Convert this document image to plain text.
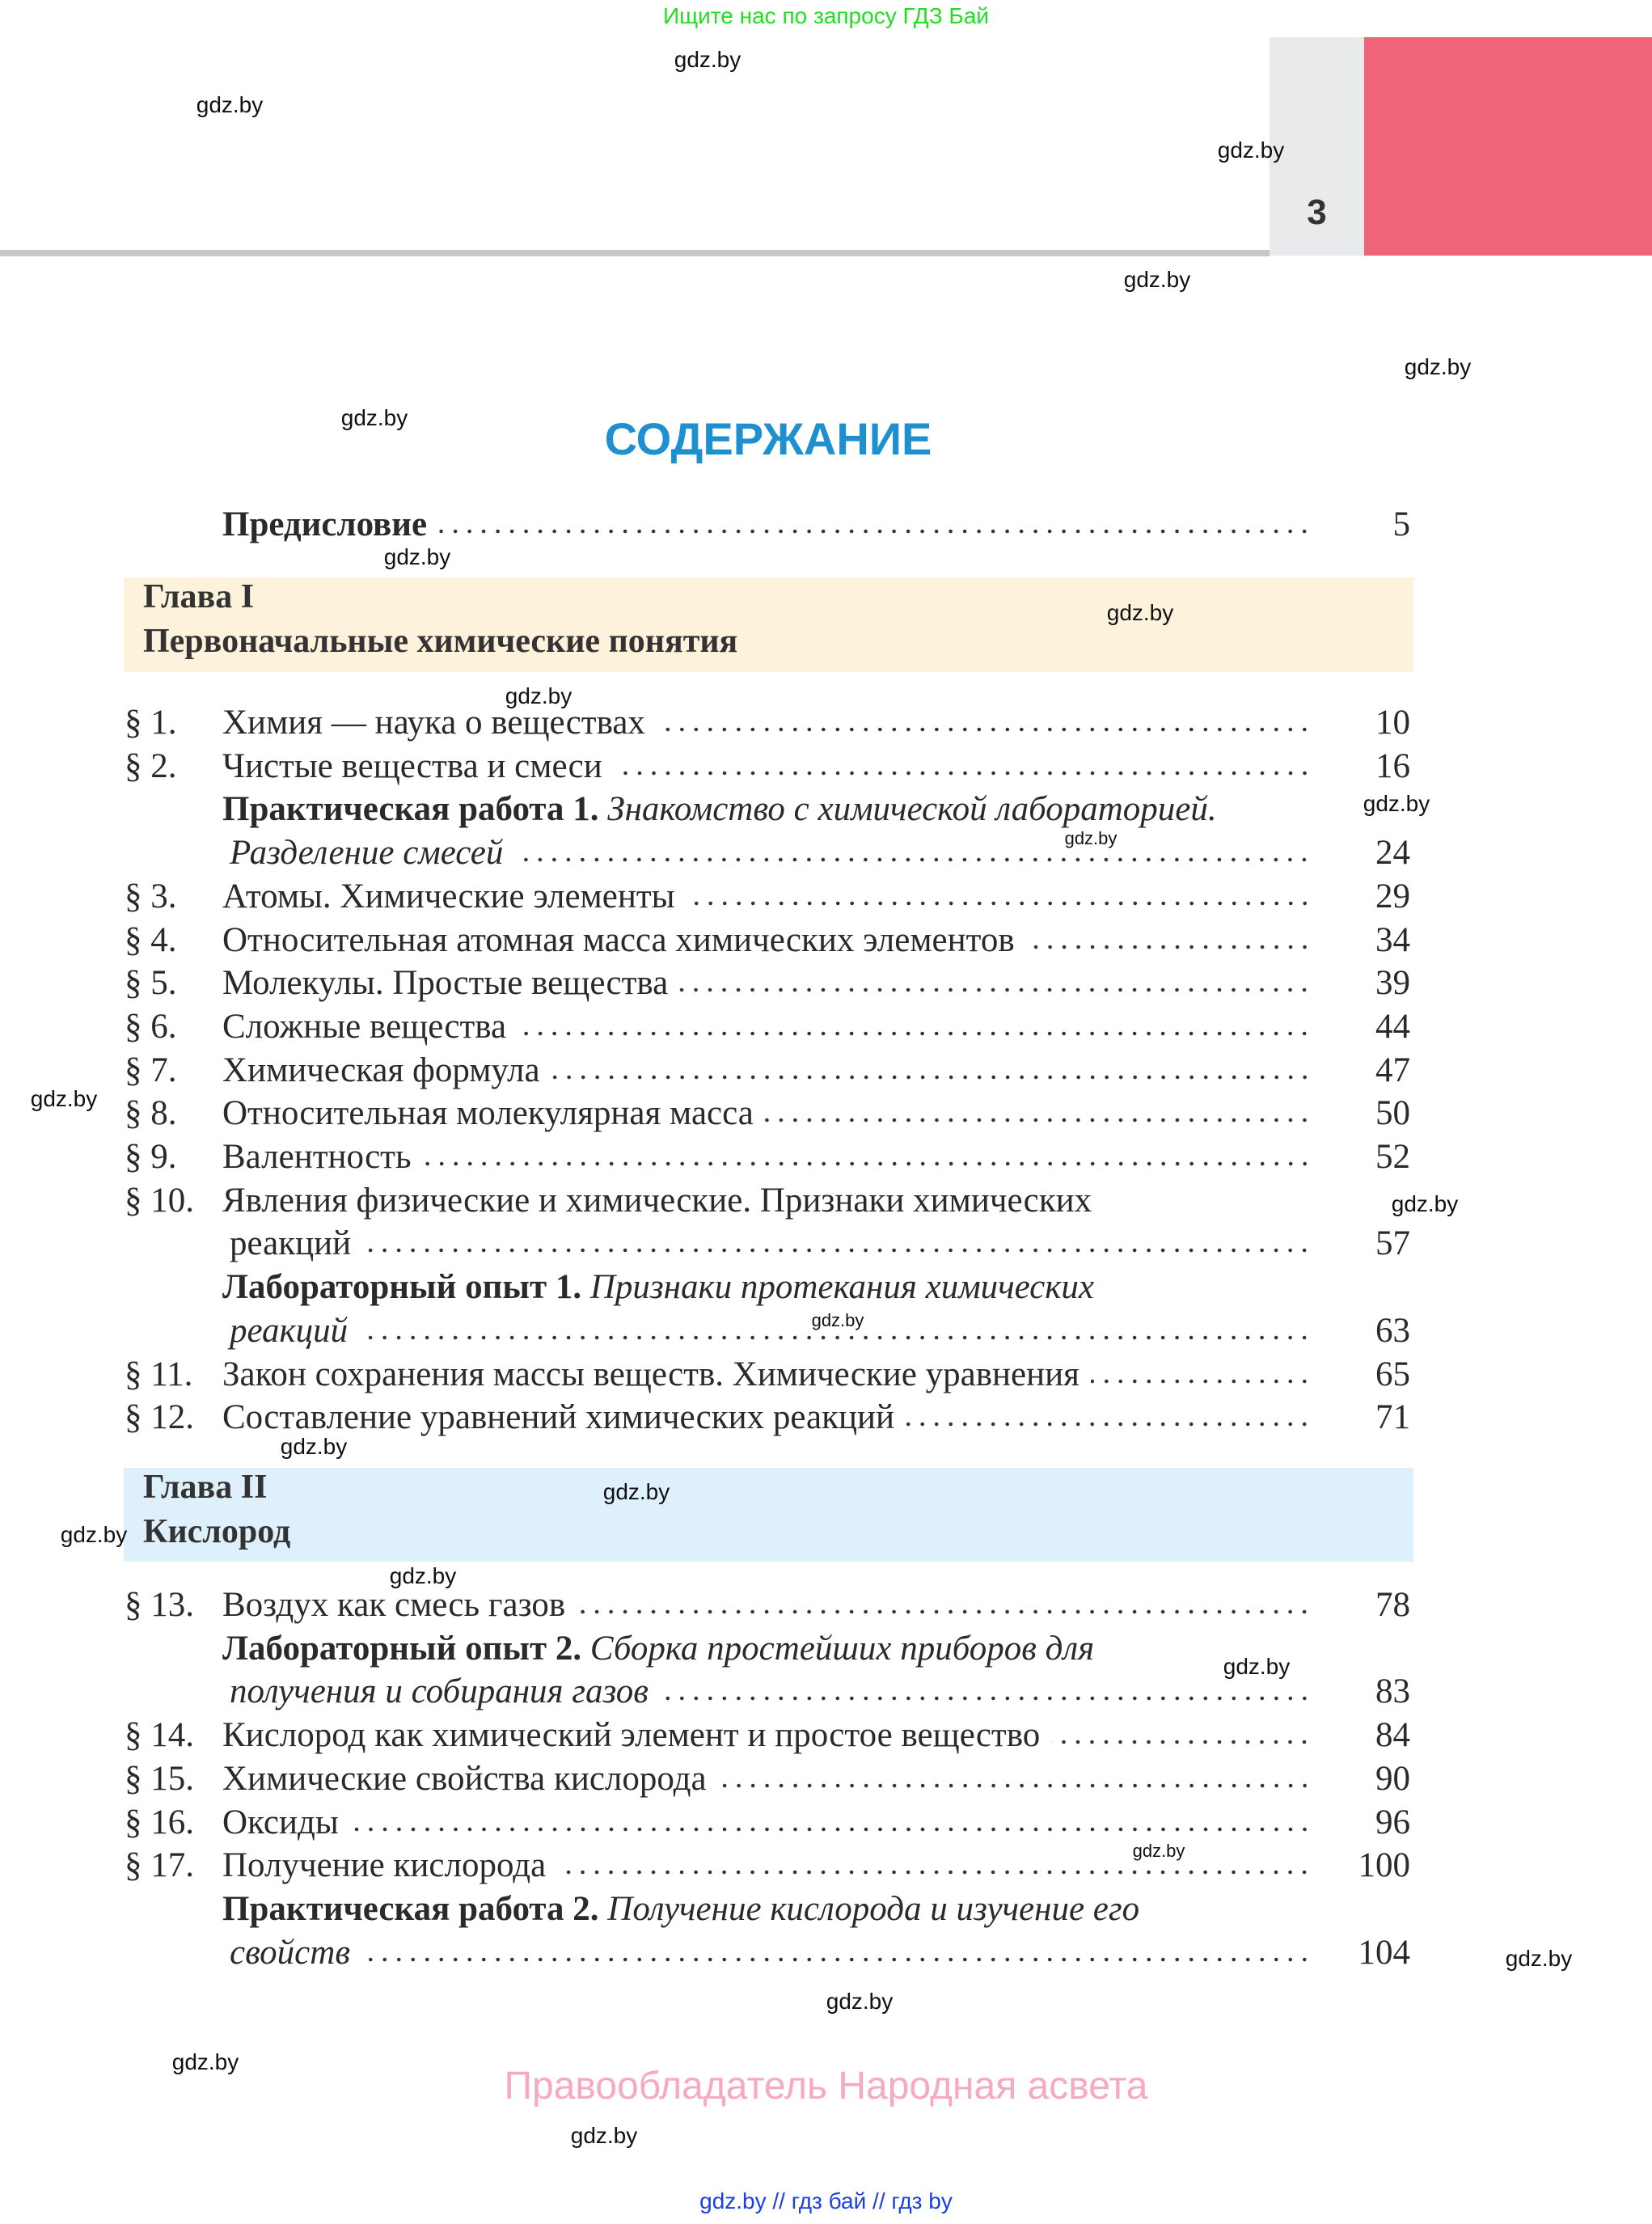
Ищите нас по запросу ГДЗ Бай
3
СОДЕРЖАНИЕ
Предисловие	5
Глава I
Первоначальные химические понятия
Глава II
Кислород
§ 1.	Химия — наука о веществах	10
§ 2.	Чистые вещества и смеси	16
Практическая работа 1. Знакомство с химической лабораторией.
Разделение смесей	24
§ 3.	Атомы. Химические элементы	29
§ 4.	Относительная атомная масса химических элементов	34
§ 5.	Молекулы. Простые вещества	39
§ 6.	Сложные вещества	44
§ 7.	Химическая формула	47
§ 8.	Относительная молекулярная масса	50
§ 9.	Валентность	52
§ 10. Явления физические и химические. Признаки химических
реакций	57
Лабораторный опыт 1. Признаки протекания химических
реакций	63
§ 11. Закон сохранения массы веществ. Химические уравнения	65
§ 12. Составление уравнений химических реакций	71
§ 13. Воздух как смесь газов	78
Лабораторный опыт 2. Сборка простейших приборов для
получения и собирания газов	83
§ 14. Кислород как химический элемент и простое вещество	84
§ 15. Химические свойства кислорода	90
§ 16. Оксиды	96
§ 17. Получение кислорода	100
Практическая работа 2. Получение кислорода и изучение его
свойств	104
gdz.by
gdz.by
gdz.by
gdz.by
gdz.by
gdz.by
gdz.by
gdz.by
gdz.by
gdz.by
gdz.by
gdz.by
gdz.by
gdz.by
gdz.by
gdz.by
gdz.by
gdz.by
gdz.by
gdz.by
gdz.by
gdz.by
gdz.by
gdz.by
Правообладатель Народная асвета
gdz.by // гдз бай // гдз by
